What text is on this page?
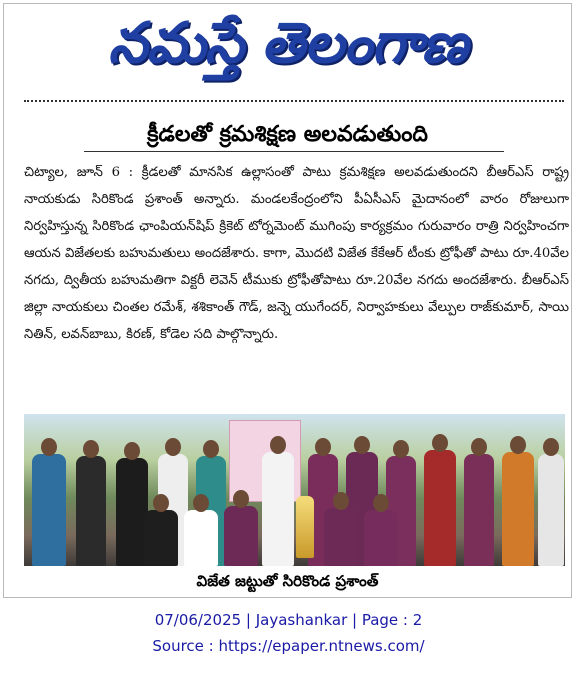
నమస్తే తెలంగాణ
క్రీడలతో క్రమశిక్షణ అలవడుతుంది

చిట్యాల, జూన్ 6 : క్రీడలతో మానసిక ఉల్లాసంతో పాటు క్రమశిక్షణ అలవడుతుందని బీఆర్ఎస్ రాష్ట్ర నాయకుడు సిరికొండ ప్రశాంత్ అన్నారు. మండలకేంద్రంలోని పీఏసీఎస్ మైదానంలో వారం రోజులుగా నిర్వహిస్తున్న సిరికొండ ఛాంపియన్‌షిప్ క్రికెట్ టోర్నమెంట్ ముగింపు కార్యక్రమం గురువారం రాత్రి నిర్వహించగా ఆయన విజేతలకు బహుమతులు అందజేశారు. కాగా, మొదటి విజేత కేకేఆర్ టీంకు ట్రోఫీతో పాటు రూ.40వేల నగదు, ద్వితీయ బహుమతిగా విక్టరీ లెవెన్ టీముకు ట్రోఫీతోపాటు రూ.20వేల నగదు అందజేశారు. బీఆర్ఎస్ జిల్లా నాయకులు చింతల రమేశ్, శశికాంత్ గౌడ్, జన్నె యుగేందర్, నిర్వాహకులు వేల్పుల రాజ్‌కుమార్, సాయి నితిన్, లవన్‌బాబు, కిరణ్, కోడెల సది పాల్గొన్నారు.

విజేత జట్టుతో సిరికొండ ప్రశాంత్
07/06/2025 | Jayashankar | Page : 2
Source : https://epaper.ntnews.com/
